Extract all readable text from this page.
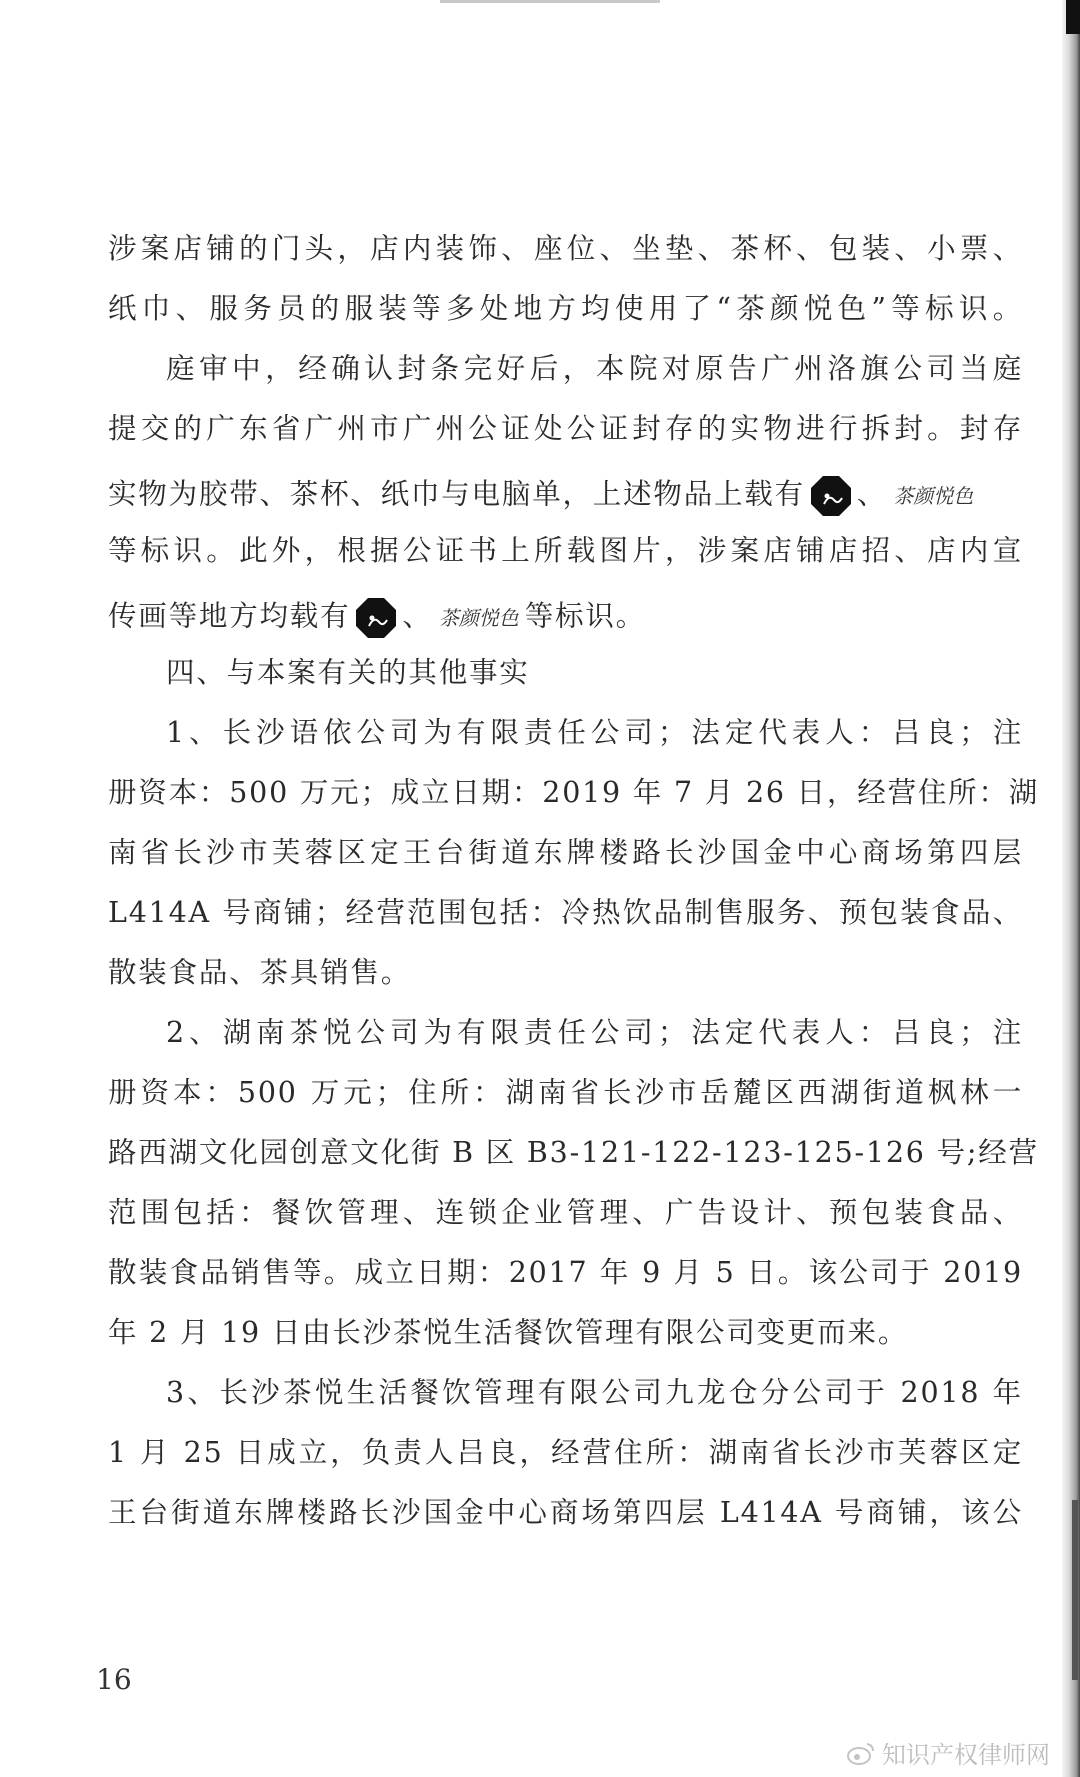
涉案店铺的门头，店内装饰、座位、坐垫、茶杯、包装、小票、
纸巾、服务员的服装等多处地方均使用了“茶颜悦色”等标识。
庭审中，经确认封条完好后，本院对原告广州洛旗公司当庭
提交的广东省广州市广州公证处公证封存的实物进行拆封。封存
实物为胶带、茶杯、纸巾与电脑单，上述物品上载有 、 茶颜悦色
等标识。此外，根据公证书上所载图片，涉案店铺店招、店内宣
传画等地方均载有 、 茶颜悦色 等标识。
四、与本案有关的其他事实
1、长沙语依公司为有限责任公司；法定代表人：吕良；注
册资本：500 万元；成立日期：2019 年 7 月 26 日，经营住所：湖
南省长沙市芙蓉区定王台街道东牌楼路长沙国金中心商场第四层
L414A 号商铺；经营范围包括：冷热饮品制售服务、预包装食品、
散装食品、茶具销售。
2、湖南茶悦公司为有限责任公司；法定代表人：吕良；注
册资本：500 万元；住所：湖南省长沙市岳麓区西湖街道枫林一
路西湖文化园创意文化街 B 区 B3-121-122-123-125-126 号;经营
范围包括：餐饮管理、连锁企业管理、广告设计、预包装食品、
散装食品销售等。成立日期：2017 年 9 月 5 日。该公司于 2019
年 2 月 19 日由长沙茶悦生活餐饮管理有限公司变更而来。
3、长沙茶悦生活餐饮管理有限公司九龙仓分公司于 2018 年
1 月 25 日成立，负责人吕良，经营住所：湖南省长沙市芙蓉区定
王台街道东牌楼路长沙国金中心商场第四层 L414A 号商铺，该公
16
知识产权律师网
